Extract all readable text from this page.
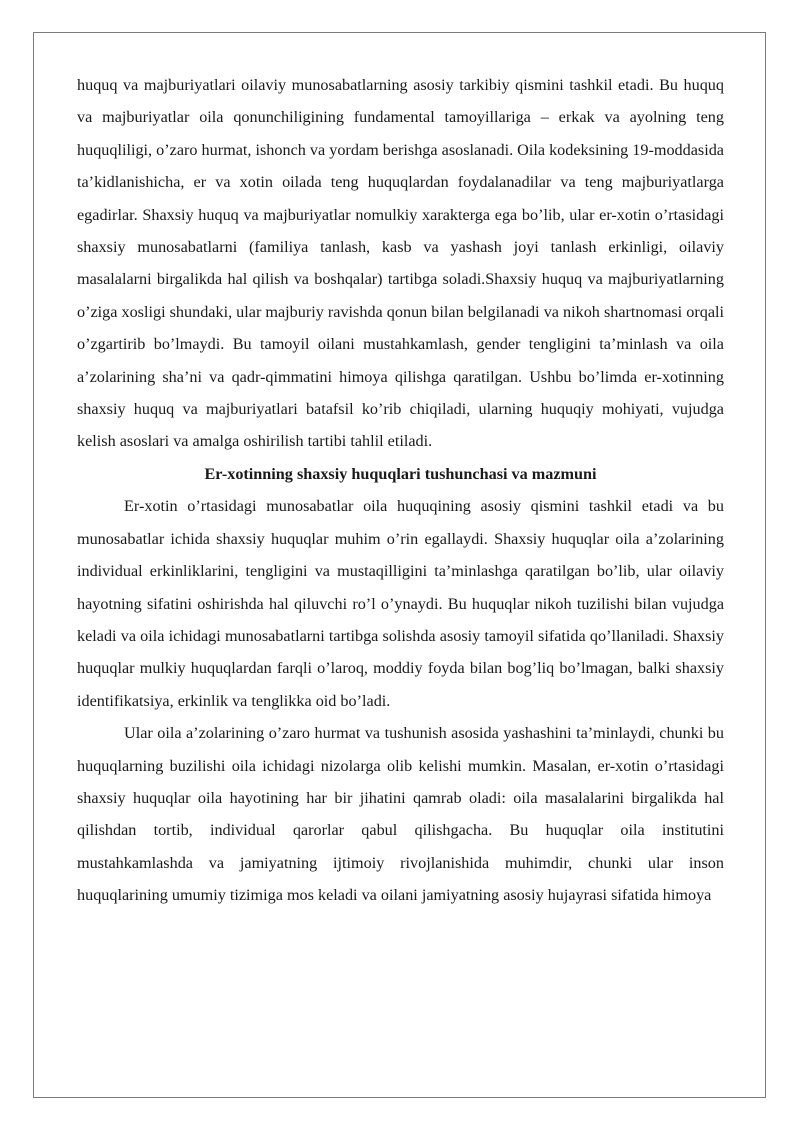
huquq va majburiyatlari oilaviy munosabatlarning asosiy tarkibiy qismini tashkil etadi. Bu huquq va majburiyatlar oila qonunchiligining fundamental tamoyillariga – erkak va ayolning teng huquqliligi, o’zaro hurmat, ishonch va yordam berishga asoslanadi. Oila kodeksining 19-moddasida ta’kidlanishicha, er va xotin oilada teng huquqlardan foydalanadilar va teng majburiyatlarga egadirlar. Shaxsiy huquq va majburiyatlar nomulkiy xarakterga ega bo’lib, ular er-xotin o’rtasidagi shaxsiy munosabatlarni (familiya tanlash, kasb va yashash joyi tanlash erkinligi, oilaviy masalalarni birgalikda hal qilish va boshqalar) tartibga soladi.Shaxsiy huquq va majburiyatlarning o’ziga xosligi shundaki, ular majburiy ravishda qonun bilan belgilanadi va nikoh shartnomasi orqali o’zgartirib bo’lmaydi. Bu tamoyil oilani mustahkamlash, gender tengligini ta’minlash va oila a’zolarining sha’ni va qadr-qimmatini himoya qilishga qaratilgan. Ushbu bo’limda er-xotinning shaxsiy huquq va majburiyatlari batafsil ko’rib chiqiladi, ularning huquqiy mohiyati, vujudga kelish asoslari va amalga oshirilish tartibi tahlil etiladi.

Er-xotinning shaxsiy huquqlari tushunchasi va mazmuni

Er-xotin o’rtasidagi munosabatlar oila huquqining asosiy qismini tashkil etadi va bu munosabatlar ichida shaxsiy huquqlar muhim o’rin egallaydi. Shaxsiy huquqlar oila a’zolarining individual erkinliklarini, tengligini va mustaqilligini ta’minlashga qaratilgan bo’lib, ular oilaviy hayotning sifatini oshirishda hal qiluvchi ro’l o’ynaydi. Bu huquqlar nikoh tuzilishi bilan vujudga keladi va oila ichidagi munosabatlarni tartibga solishda asosiy tamoyil sifatida qo’llaniladi. Shaxsiy huquqlar mulkiy huquqlardan farqli o’laroq, moddiy foyda bilan bog’liq bo’lmagan, balki shaxsiy identifikatsiya, erkinlik va tenglikka oid bo’ladi.

Ular oila a’zolarining o’zaro hurmat va tushunish asosida yashashini ta’minlaydi, chunki bu huquqlarning buzilishi oila ichidagi nizolarga olib kelishi mumkin. Masalan, er-xotin o’rtasidagi shaxsiy huquqlar oila hayotining har bir jihatini qamrab oladi: oila masalalarini birgalikda hal qilishdan tortib, individual qarorlar qabul qilishgacha. Bu huquqlar oila institutini mustahkamlashda va jamiyatning ijtimoiy rivojlanishida muhimdir, chunki ular inson huquqlarining umumiy tizimiga mos keladi va oilani jamiyatning asosiy hujayrasi sifatida himoya
